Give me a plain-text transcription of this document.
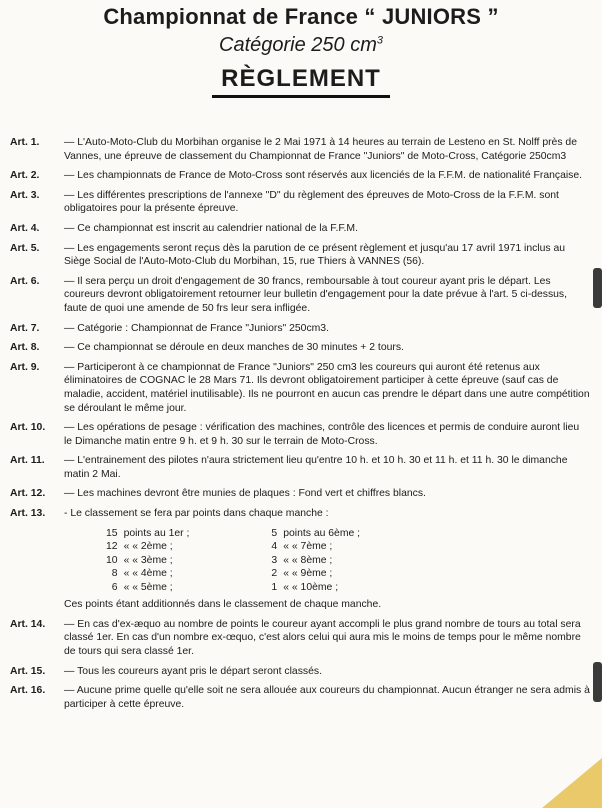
Championnat de France “ JUNIORS ”
Catégorie 250 $cm^3$
RÈGLEMENT
Art. 1. — L'Auto-Moto-Club du Morbihan organise le 2 Mai 1971 à 14 heures au terrain de Lesteno en St. Nolff près de Vannes, une épreuve de classement du Championnat de France "Juniors" de Moto-Cross, Catégorie 250cm3
Art. 2. — Les championnats de France de Moto-Cross sont réservés aux licenciés de la F.F.M. de nationalité Française.
Art. 3. — Les différentes prescriptions de l'annexe "D" du règlement des épreuves de Moto-Cross de la F.F.M. sont obligatoires pour la présente épreuve.
Art. 4. — Ce championnat est inscrit au calendrier national de la F.F.M.
Art. 5. — Les engagements seront reçus dès la parution de ce présent règlement et jusqu'au 17 avril 1971 inclus au Siège Social de l'Auto-Moto-Club du Morbihan, 15, rue Thiers à VANNES (56).
Art. 6. — Il sera perçu un droit d'engagement de 30 francs, remboursable à tout coureur ayant pris le départ. Les coureurs devront obligatoirement retourner leur bulletin d'engagement pour la date prévue à l'art. 5 ci-dessus, faute de quoi une amende de 50 frs leur sera infligée.
Art. 7. — Catégorie : Championnat de France "Juniors" 250cm3.
Art. 8. — Ce championnat se déroule en deux manches de 30 minutes + 2 tours.
Art. 9. — Participeront à ce championnat de France "Juniors" 250 cm3 les coureurs qui auront été retenus aux éliminatoires de COGNAC le 28 Mars 71. Ils devront obligatoirement participer à cette épreuve (sauf cas de maladie, accident, matériel inutilisable). Ils ne pourront en aucun cas prendre le départ dans une autre compétition se déroulant le même jour.
Art. 10. — Les opérations de pesage : vérification des machines, contrôle des licences et permis de conduire auront lieu le Dimanche matin entre 9 h. et 9 h. 30 sur le terrain de Moto-Cross.
Art. 11. — L'entrainement des pilotes n'aura strictement lieu qu'entre 10 h. et 10 h. 30 et 11 h. et 11 h. 30 le dimanche matin 2 Mai.
Art. 12. — Les machines devront être munies de plaques : Fond vert et chiffres blancs.
Art. 13. - Le classement se fera par points dans chaque manche :
15	points au 1er ;		5	points au 6ème ;
12	« « 2ème ;		4	« « 7ème ;
10	« « 3ème ;		3	« « 8ème ;
8	« « 4ème ;		2	« « 9ème ;
6	« « 5ème ;		1	« « 10ème ;
Ces points étant additionnés dans le classement de chaque manche.
Art. 14. — En cas d'ex-æquo au nombre de points le coureur ayant accompli le plus grand nombre de tours au total sera classé 1er. En cas d'un nombre ex-œquo, c'est alors celui qui aura mis le moins de temps pour le même nombre de tours qui sera classé 1er.
Art. 15. — Tous les coureurs ayant pris le départ seront classés.
Art. 16. — Aucune prime quelle qu'elle soit ne sera allouée aux coureurs du championnat. Aucun étranger ne sera admis à participer à cette épreuve.
